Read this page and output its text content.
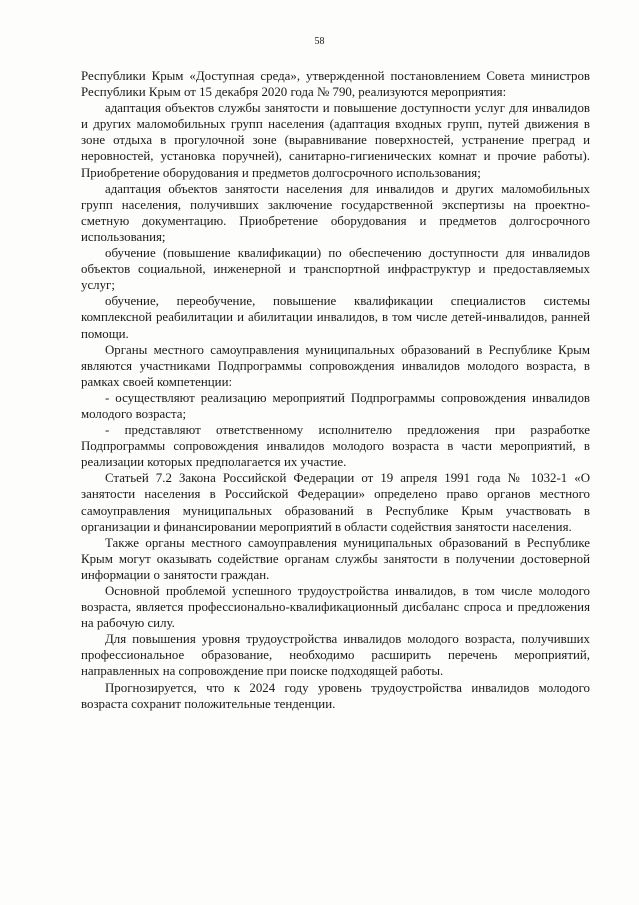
58

Республики Крым «Доступная среда», утвержденной постановлением Совета министров Республики Крым от 15 декабря 2020 года № 790, реализуются мероприятия:

адаптация объектов службы занятости и повышение доступности услуг для инвалидов и других маломобильных групп населения (адаптация входных групп, путей движения в зоне отдыха в прогулочной зоне (выравнивание поверхностей, устранение преград и неровностей, установка поручней), санитарно-гигиенических комнат и прочие работы). Приобретение оборудования и предметов долгосрочного использования;

адаптация объектов занятости населения для инвалидов и других маломобильных групп населения, получивших заключение государственной экспертизы на проектно-сметную документацию. Приобретение оборудования и предметов долгосрочного использования;

обучение (повышение квалификации) по обеспечению доступности для инвалидов объектов социальной, инженерной и транспортной инфраструктур и предоставляемых услуг;

обучение, переобучение, повышение квалификации специалистов системы комплексной реабилитации и абилитации инвалидов, в том числе детей-инвалидов, ранней помощи.

Органы местного самоуправления муниципальных образований в Республике Крым являются участниками Подпрограммы сопровождения инвалидов молодого возраста, в рамках своей компетенции:

- осуществляют реализацию мероприятий Подпрограммы сопровождения инвалидов молодого возраста;

- представляют ответственному исполнителю предложения при разработке Подпрограммы сопровождения инвалидов молодого возраста в части мероприятий, в реализации которых предполагается их участие.

Статьей 7.2 Закона Российской Федерации от 19 апреля 1991 года № 1032-1 «О занятости населения в Российской Федерации» определено право органов местного самоуправления муниципальных образований в Республике Крым участвовать в организации и финансировании мероприятий в области содействия занятости населения.

Также органы местного самоуправления муниципальных образований в Республике Крым могут оказывать содействие органам службы занятости в получении достоверной информации о занятости граждан.

Основной проблемой успешного трудоустройства инвалидов, в том числе молодого возраста, является профессионально-квалификационный дисбаланс спроса и предложения на рабочую силу.

Для повышения уровня трудоустройства инвалидов молодого возраста, получивших профессиональное образование, необходимо расширить перечень мероприятий, направленных на сопровождение при поиске подходящей работы.

Прогнозируется, что к 2024 году уровень трудоустройства инвалидов молодого возраста сохранит положительные тенденции.
